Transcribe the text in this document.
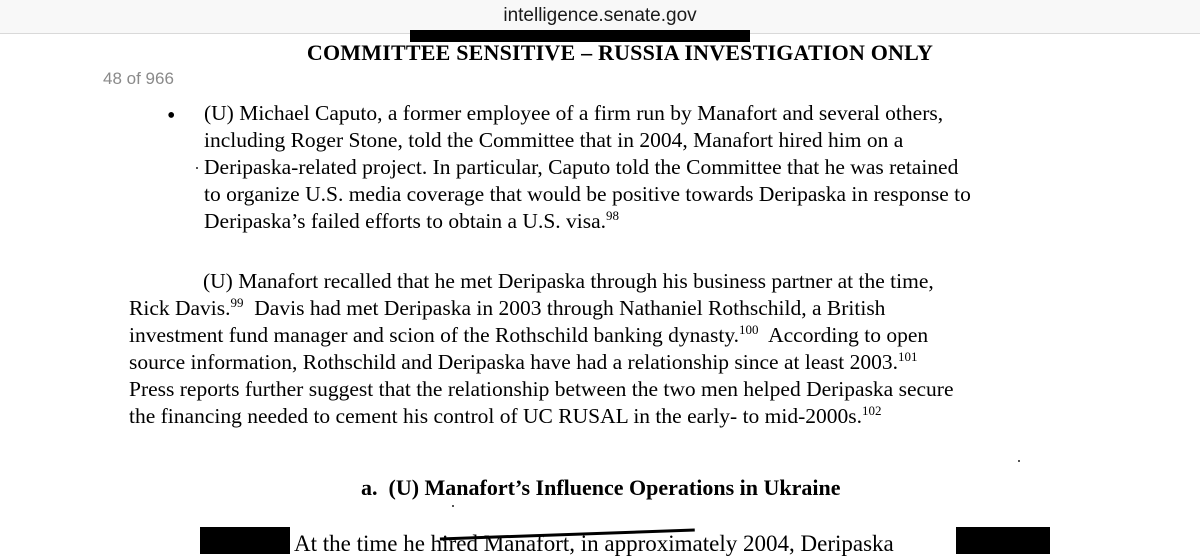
intelligence.senate.gov
COMMITTEE SENSITIVE – RUSSIA INVESTIGATION ONLY
48 of 966
• (U) Michael Caputo, a former employee of a firm run by Manafort and several others,
including Roger Stone, told the Committee that in 2004, Manafort hired him on a
Deripaska-related project. In particular, Caputo told the Committee that he was retained
to organize U.S. media coverage that would be positive towards Deripaska in response to
Deripaska’s failed efforts to obtain a U.S. visa.$^{98}$
(U) Manafort recalled that he met Deripaska through his business partner at the time,
Rick Davis.$^{99}$  Davis had met Deripaska in 2003 through Nathaniel Rothschild, a British
investment fund manager and scion of the Rothschild banking dynasty.$^{100}$  According to open
source information, Rothschild and Deripaska have had a relationship since at least 2003.$^{101}$
Press reports further suggest that the relationship between the two men helped Deripaska secure
the financing needed to cement his control of UC RUSAL in the early- to mid-2000s.$^{102}$
a.  (U) Manafort’s Influence Operations in Ukraine
At the time he hired Manafort, in approximately 2004, Deripaska
